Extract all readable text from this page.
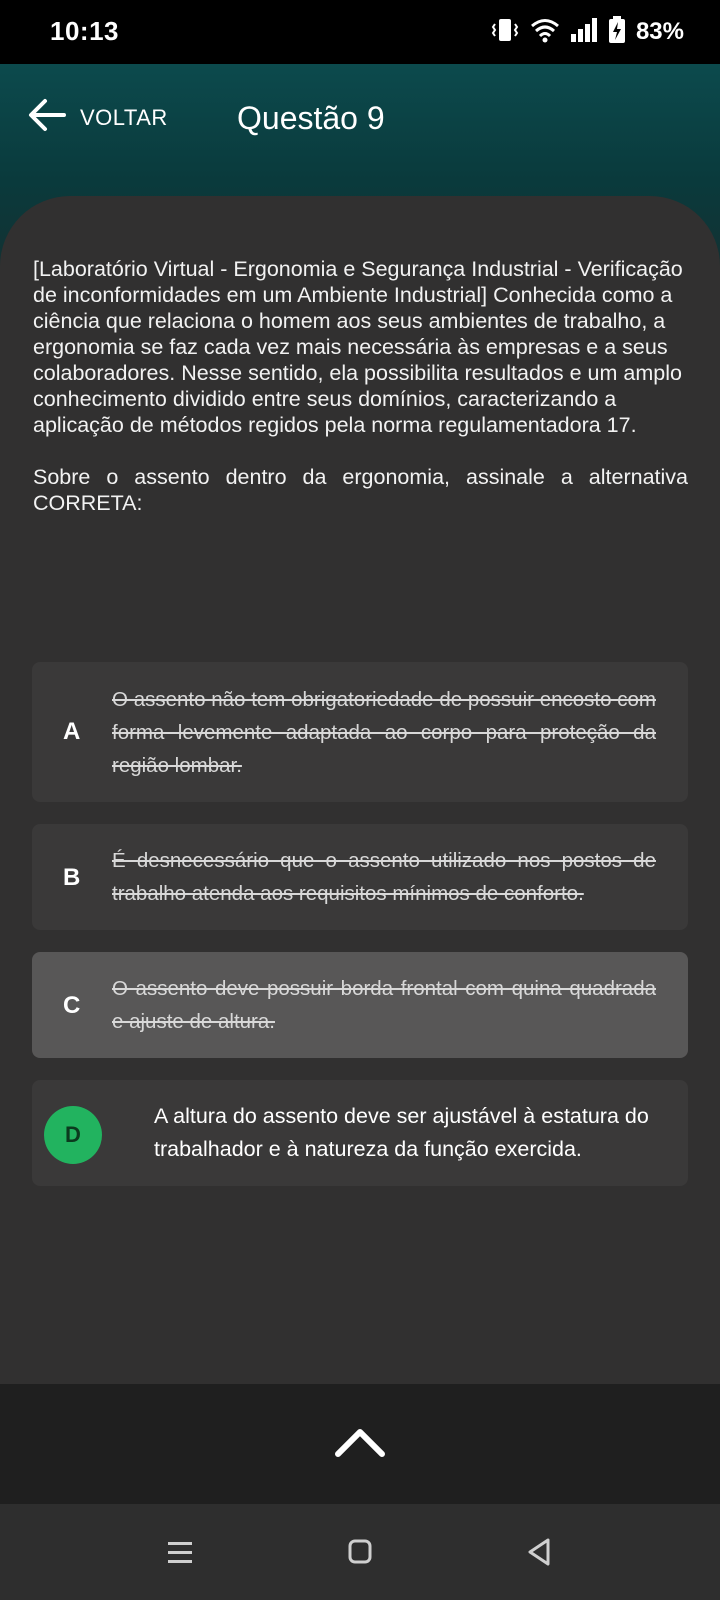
10:13	83%
VOLTAR Questão 9

[Laboratório Virtual - Ergonomia e Segurança Industrial - Verificação de inconformidades em um Ambiente Industrial] Conhecida como a ciência que relaciona o homem aos seus ambientes de trabalho, a ergonomia se faz cada vez mais necessária às empresas e a seus colaboradores. Nesse sentido, ela possibilita resultados e um amplo conhecimento dividido entre seus domínios, caracterizando a aplicação de métodos regidos pela norma regulamentadora 17.

Sobre o assento dentro da ergonomia, assinale a alternativa CORRETA:

A
O assento não tem obrigatoriedade de possuir encosto com forma levemente adaptada ao corpo para proteção da região lombar.
B
É desnecessário que o assento utilizado nos postos de trabalho atenda aos requisitos mínimos de conforto.
C
O assento deve possuir borda frontal com quina quadrada e ajuste de altura.
D
A altura do assento deve ser ajustável à estatura do trabalhador e à natureza da função exercida.
